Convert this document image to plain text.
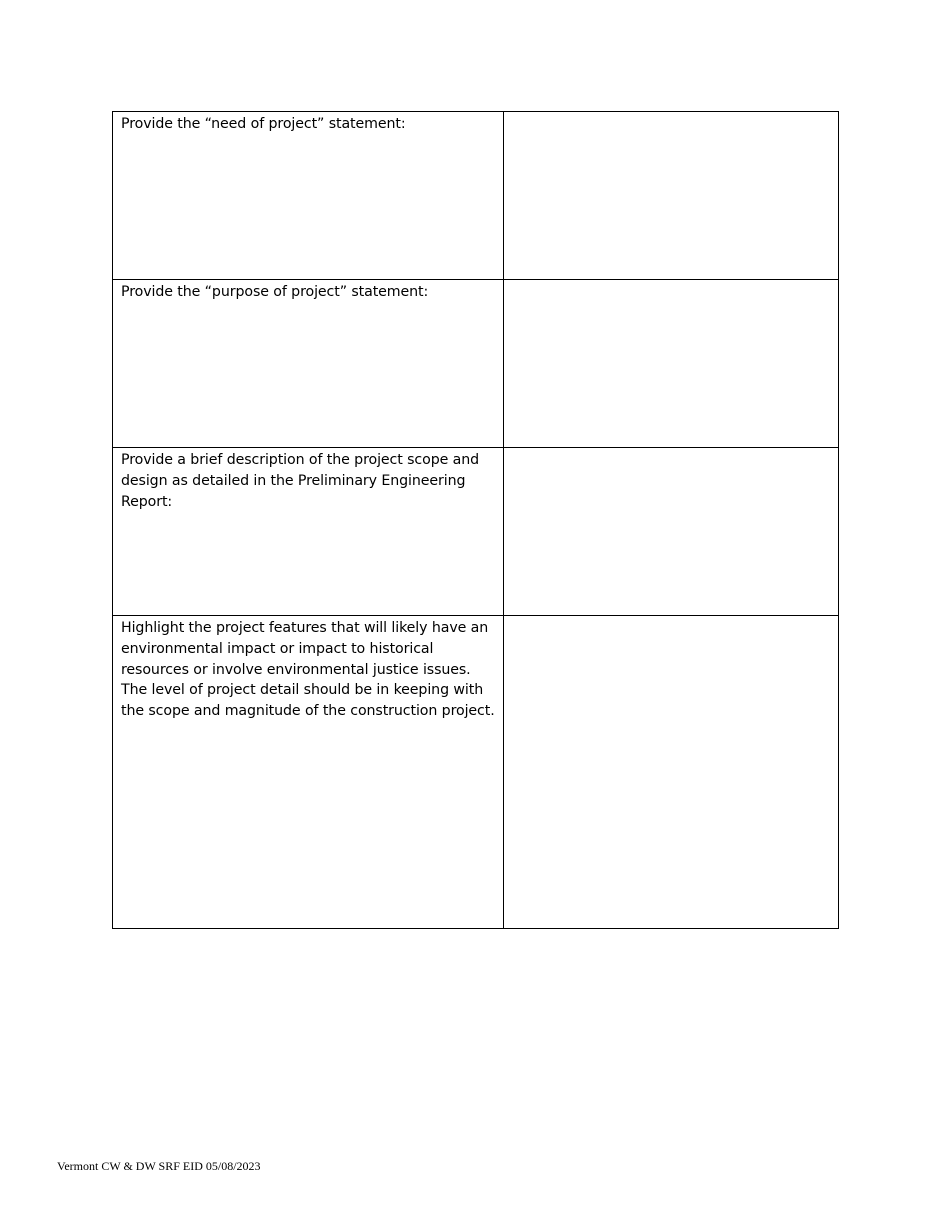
Provide the “need of project” statement:	

Provide the “purpose of project” statement:	

Provide a brief description of the project scope and design as detailed in the Preliminary Engineering Report:	

Highlight the project features that will likely have an environmental impact or impact to historical resources or involve environmental justice issues. The level of project detail should be in keeping with the scope and magnitude of the construction project.	

Vermont CW & DW SRF EID 05/08/2023
